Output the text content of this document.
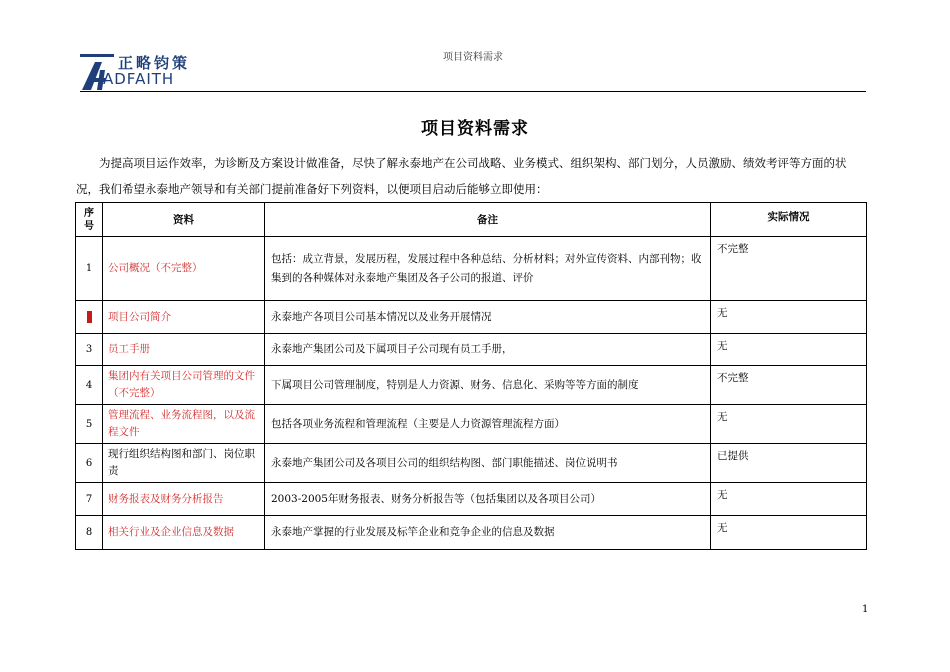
正略钧策
ADFAITH
项目资料需求
项目资料需求

为提高项目运作效率，为诊断及方案设计做准备，尽快了解永泰地产在公司战略、业务模式、组织架构、部门划分，人员激励、绩效考评等方面的状况，我们希望永泰地产领导和有关部门提前准备好下列资料，以便项目启动后能够立即使用：

序号	资料	备注	实际情况
1	公司概况（不完整）	包括：成立背景，发展历程，发展过程中各种总结、分析材料；对外宣传资料、内部刊物；收集到的各种媒体对永泰地产集团及各子公司的报道、评价	不完整
	项目公司简介	永泰地产各项目公司基本情况以及业务开展情况	无
3	员工手册	永泰地产集团公司及下属项目子公司现有员工手册，	无
4	集团内有关项目公司管理的文件（不完整）	下属项目公司管理制度，特别是人力资源、财务、信息化、采购等等方面的制度	不完整
5	管理流程、业务流程图，以及流程文件	包括各项业务流程和管理流程（主要是人力资源管理流程方面）	无
6	现行组织结构图和部门、岗位职责	永泰地产集团公司及各项目公司的组织结构图、部门职能描述、岗位说明书	已提供
7	财务报表及财务分析报告	2003-2005年财务报表、财务分析报告等（包括集团以及各项目公司）	无
8	相关行业及企业信息及数据	永泰地产掌握的行业发展及标竿企业和竞争企业的信息及数据	无
1
